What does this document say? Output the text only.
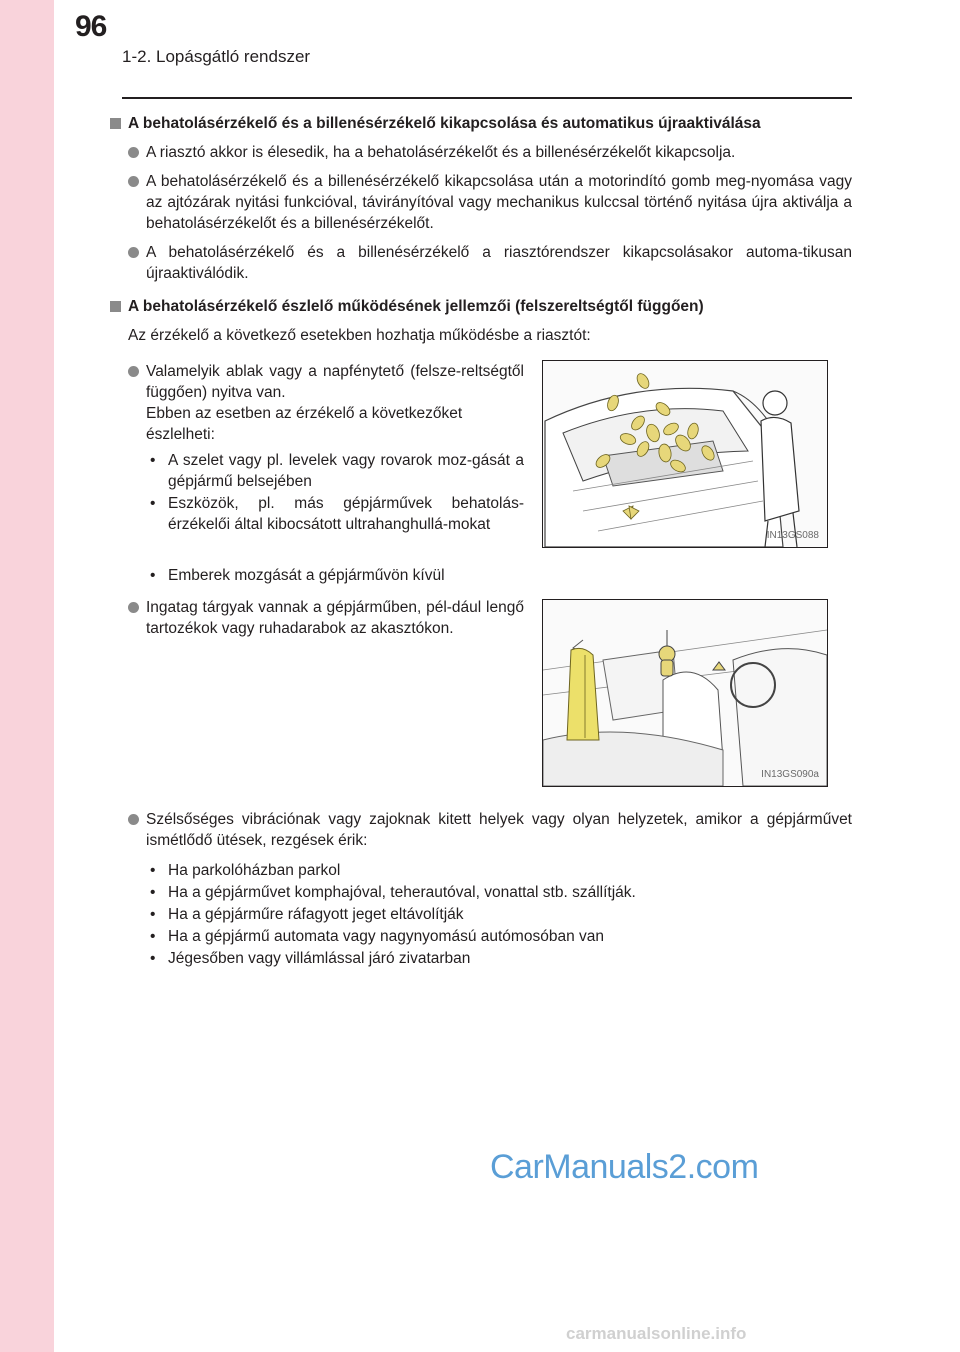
96
1-2. Lopásgátló rendszer
A behatolásérzékelő és a billenésérzékelő kikapcsolása és automatikus újraaktiválása
A riasztó akkor is élesedik, ha a behatolásérzékelőt és a billenésérzékelőt kikapcsolja.
A behatolásérzékelő és a billenésérzékelő kikapcsolása után a motorindító gomb meg-nyomása vagy az ajtózárak nyitási funkcióval, távirányítóval vagy mechanikus kulccsal történő nyitása újra aktiválja a behatolásérzékelőt és a billenésérzékelőt.
A behatolásérzékelő és a billenésérzékelő a riasztórendszer kikapcsolásakor automa-tikusan újraaktiválódik.
A behatolásérzékelő észlelő működésének jellemzői (felszereltségtől függően)
Az érzékelő a következő esetekben hozhatja működésbe a riasztót:
Valamelyik ablak vagy a napfénytető (felsze-reltségtől függően) nyitva van.
Ebben az esetben az érzékelő a következőket észlelheti:
• A szelet vagy pl. levelek vagy rovarok moz-gását a gépjármű belsejében
• Eszközök, pl. más gépjárművek behatolás-érzékelői által kibocsátott ultrahanghullá-mokat
• Emberek mozgását a gépjárművön kívül
IN13GS088
Ingatag tárgyak vannak a gépjárműben, pél-dául lengő tartozékok vagy ruhadarabok az akasztókon.
IN13GS090a
Szélsőséges vibrációnak vagy zajoknak kitett helyek vagy olyan helyzetek, amikor a gépjárművet ismétlődő ütések, rezgések érik:
• Ha parkolóházban parkol
• Ha a gépjárművet komphajóval, teherautóval, vonattal stb. szállítják.
• Ha a gépjárműre ráfagyott jeget eltávolítják
• Ha a gépjármű automata vagy nagynyomású autómosóban van
• Jégesőben vagy villámlással járó zivatarban
CarManuals2.com
carmanualsonline.info
